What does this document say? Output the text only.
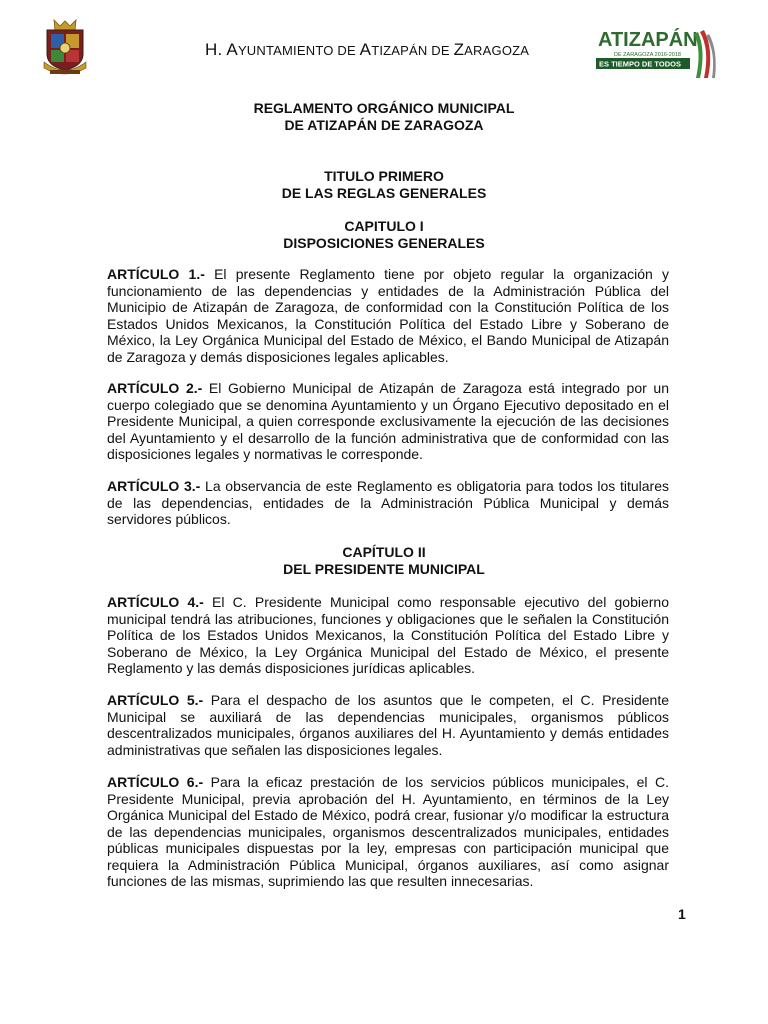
H. AYUNTAMIENTO DE ATIZAPÁN DE ZARAGOZA	ATIZAPÁN
DE ZARAGOZA 2016-2018
ES TIEMPO DE TODOS
REGLAMENTO ORGÁNICO MUNICIPAL
DE ATIZAPÁN DE ZARAGOZA
TITULO PRIMERO
DE LAS REGLAS GENERALES
CAPITULO I
DISPOSICIONES GENERALES
ARTÍCULO 1.- El presente Reglamento tiene por objeto regular la organización y funcionamiento de las dependencias y entidades de la Administración Pública del Municipio de Atizapán de Zaragoza, de conformidad con la Constitución Política de los Estados Unidos Mexicanos, la Constitución Política del Estado Libre y Soberano de México, la Ley Orgánica Municipal del Estado de México, el Bando Municipal de Atizapán de Zaragoza y demás disposiciones legales aplicables.
ARTÍCULO 2.- El Gobierno Municipal de Atizapán de Zaragoza está integrado por un cuerpo colegiado que se denomina Ayuntamiento y un Órgano Ejecutivo depositado en el Presidente Municipal, a quien corresponde exclusivamente la ejecución de las decisiones del Ayuntamiento y el desarrollo de la función administrativa que de conformidad con las disposiciones legales y normativas le corresponde.
ARTÍCULO 3.- La observancia de este Reglamento es obligatoria para todos los titulares de las dependencias, entidades de la Administración Pública Municipal y demás servidores públicos.
CAPÍTULO II
DEL PRESIDENTE MUNICIPAL
ARTÍCULO 4.- El C. Presidente Municipal como responsable ejecutivo del gobierno municipal tendrá las atribuciones, funciones y obligaciones que le señalen la Constitución Política de los Estados Unidos Mexicanos, la Constitución Política del Estado Libre y Soberano de México, la Ley Orgánica Municipal del Estado de México, el presente Reglamento y las demás disposiciones jurídicas aplicables.
ARTÍCULO 5.- Para el despacho de los asuntos que le competen, el C. Presidente Municipal se auxiliará de las dependencias municipales, organismos públicos descentralizados municipales, órganos auxiliares del H. Ayuntamiento y demás entidades administrativas que señalen las disposiciones legales.
ARTÍCULO 6.- Para la eficaz prestación de los servicios públicos municipales, el C. Presidente Municipal, previa aprobación del H. Ayuntamiento, en términos de la Ley Orgánica Municipal del Estado de México, podrá crear, fusionar y/o modificar la estructura de las dependencias municipales, organismos descentralizados municipales, entidades públicas municipales dispuestas por la ley, empresas con participación municipal que requiera la Administración Pública Municipal, órganos auxiliares, así como asignar funciones de las mismas, suprimiendo las que resulten innecesarias.
1
